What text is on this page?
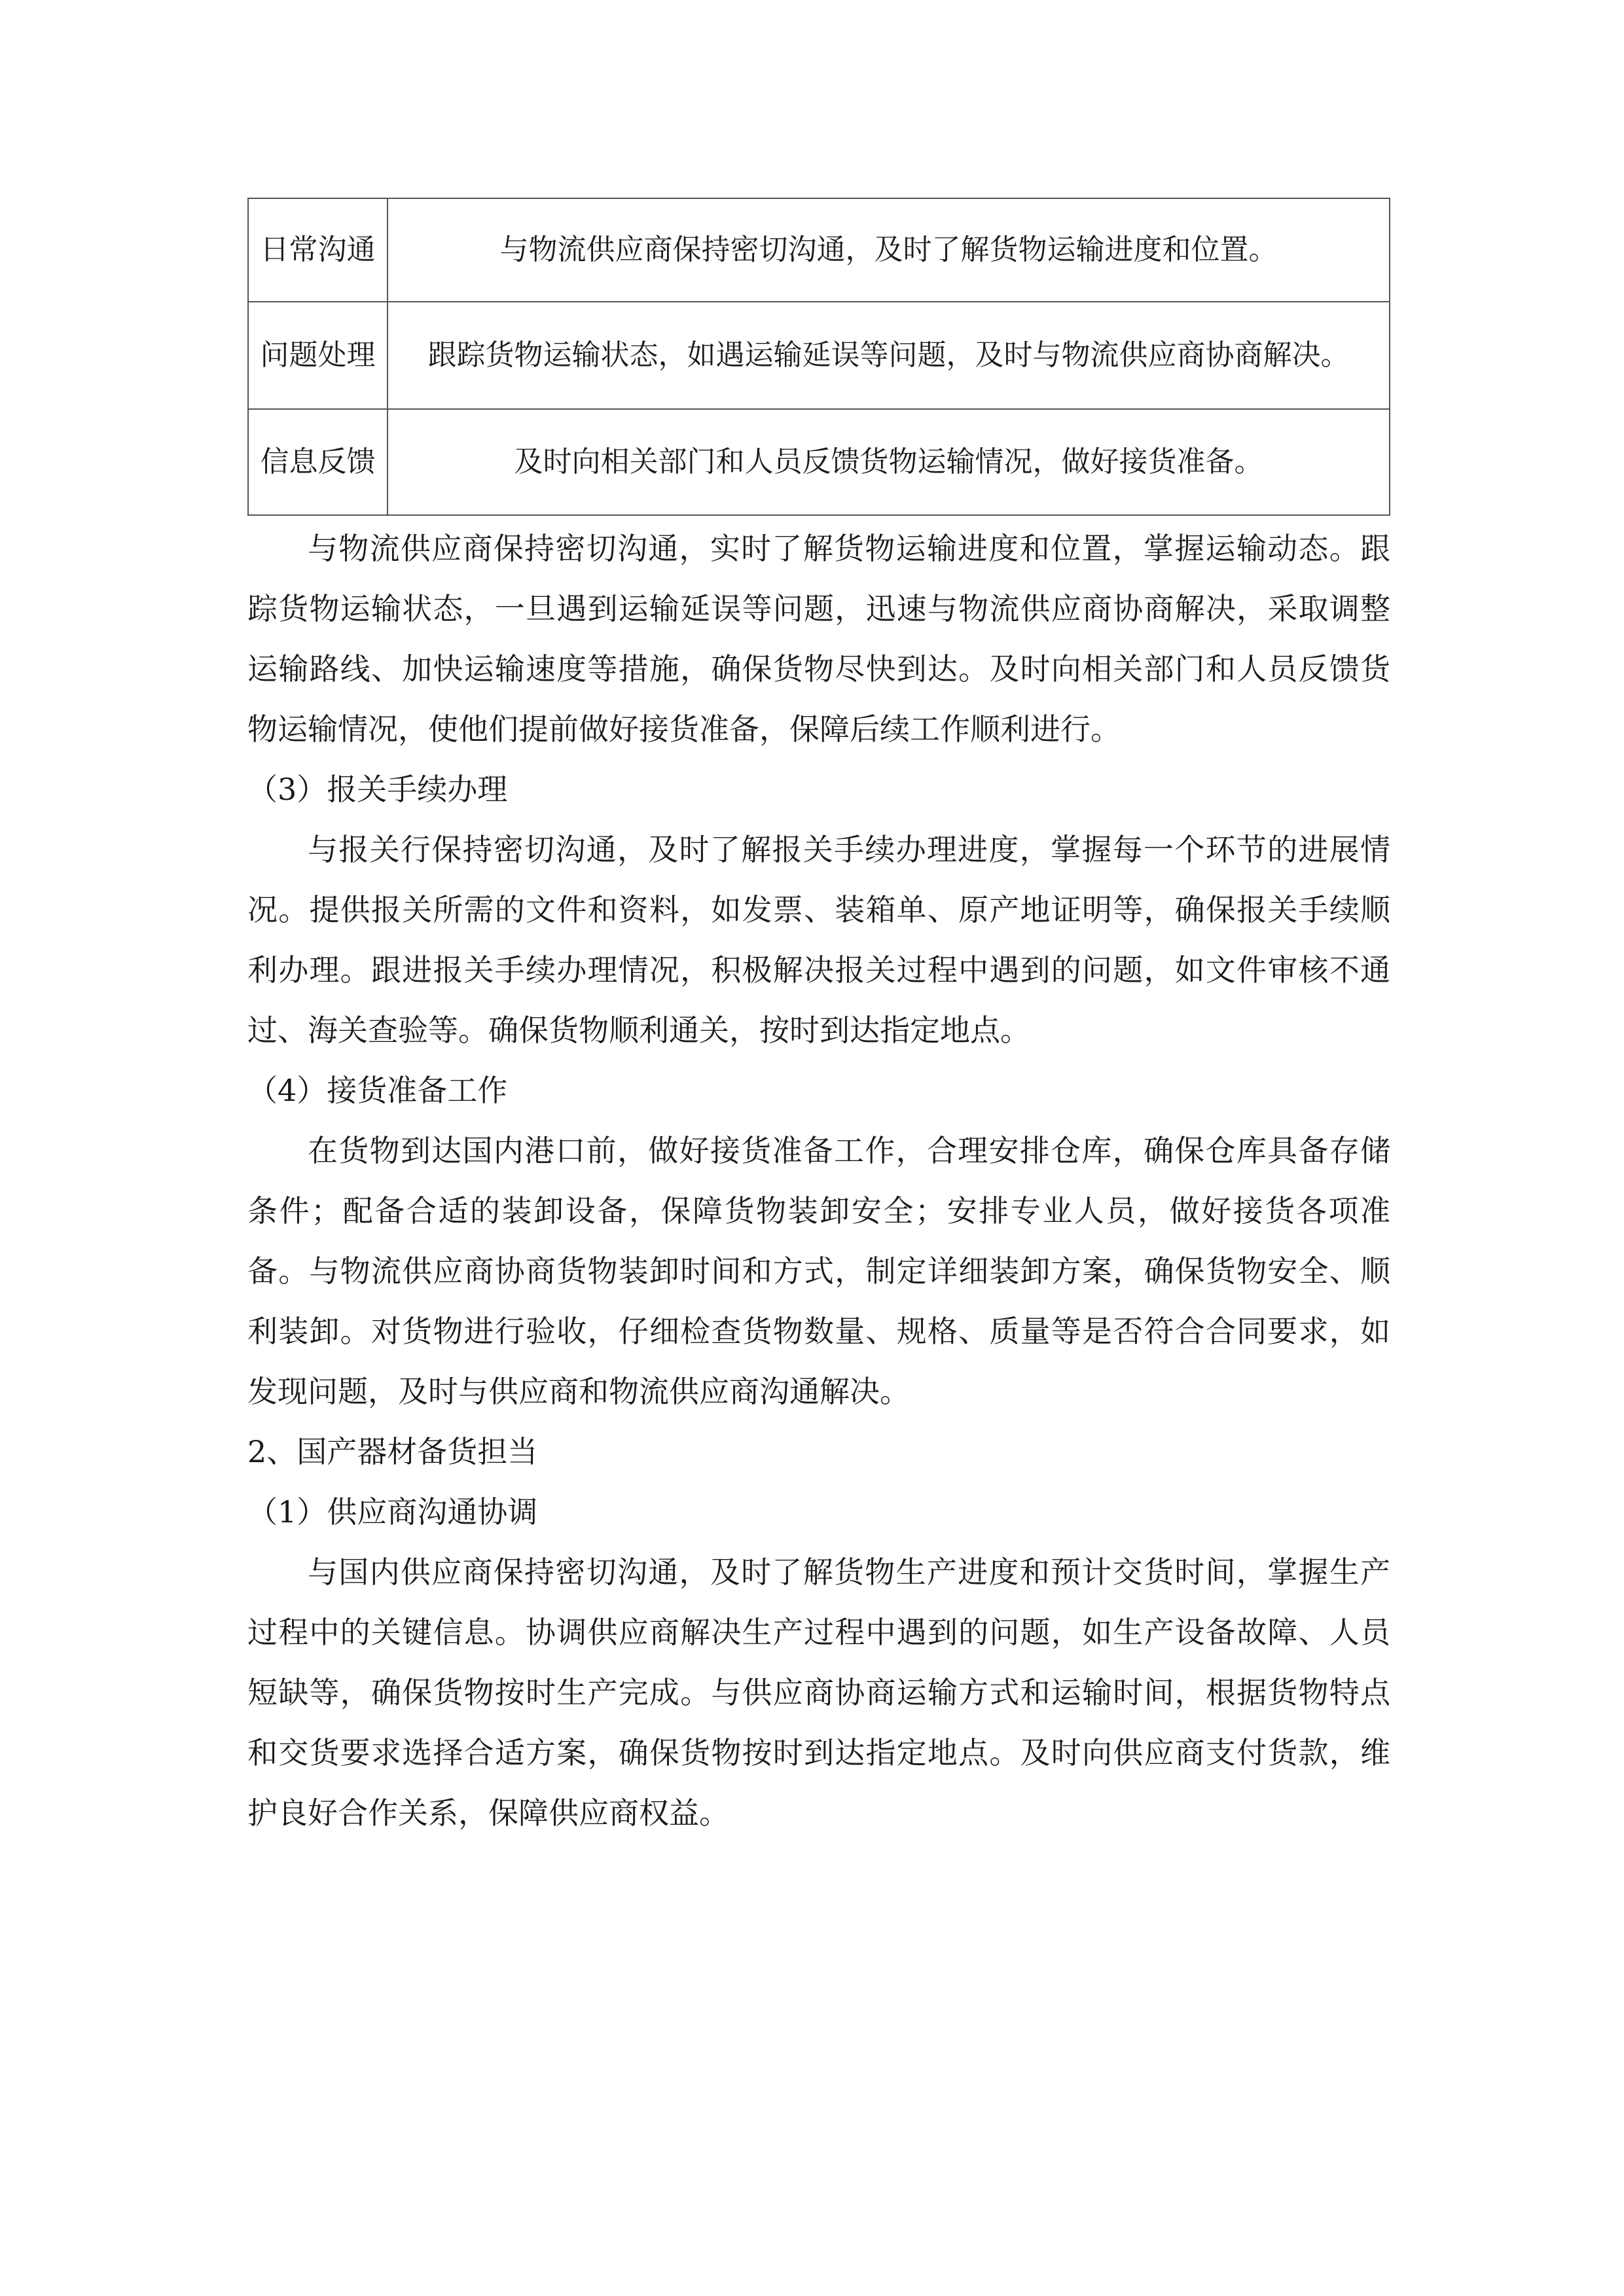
日常沟通	与物流供应商保持密切沟通，及时了解货物运输进度和位置。
问题处理	跟踪货物运输状态，如遇运输延误等问题，及时与物流供应商协商解决。
信息反馈	及时向相关部门和人员反馈货物运输情况，做好接货准备。

与物流供应商保持密切沟通，实时了解货物运输进度和位置，掌握运输动态。跟踪货物运输状态，一旦遇到运输延误等问题，迅速与物流供应商协商解决，采取调整运输路线、加快运输速度等措施，确保货物尽快到达。及时向相关部门和人员反馈货物运输情况，使他们提前做好接货准备，保障后续工作顺利进行。

（3）报关手续办理

与报关行保持密切沟通，及时了解报关手续办理进度，掌握每一个环节的进展情况。提供报关所需的文件和资料，如发票、装箱单、原产地证明等，确保报关手续顺利办理。跟进报关手续办理情况，积极解决报关过程中遇到的问题，如文件审核不通过、海关查验等。确保货物顺利通关，按时到达指定地点。

（4）接货准备工作

在货物到达国内港口前，做好接货准备工作，合理安排仓库，确保仓库具备存储条件；配备合适的装卸设备，保障货物装卸安全；安排专业人员，做好接货各项准备。与物流供应商协商货物装卸时间和方式，制定详细装卸方案，确保货物安全、顺利装卸。对货物进行验收，仔细检查货物数量、规格、质量等是否符合合同要求，如发现问题，及时与供应商和物流供应商沟通解决。

2、国产器材备货担当

（1）供应商沟通协调

与国内供应商保持密切沟通，及时了解货物生产进度和预计交货时间，掌握生产过程中的关键信息。协调供应商解决生产过程中遇到的问题，如生产设备故障、人员短缺等，确保货物按时生产完成。与供应商协商运输方式和运输时间，根据货物特点和交货要求选择合适方案，确保货物按时到达指定地点。及时向供应商支付货款，维护良好合作关系，保障供应商权益。
